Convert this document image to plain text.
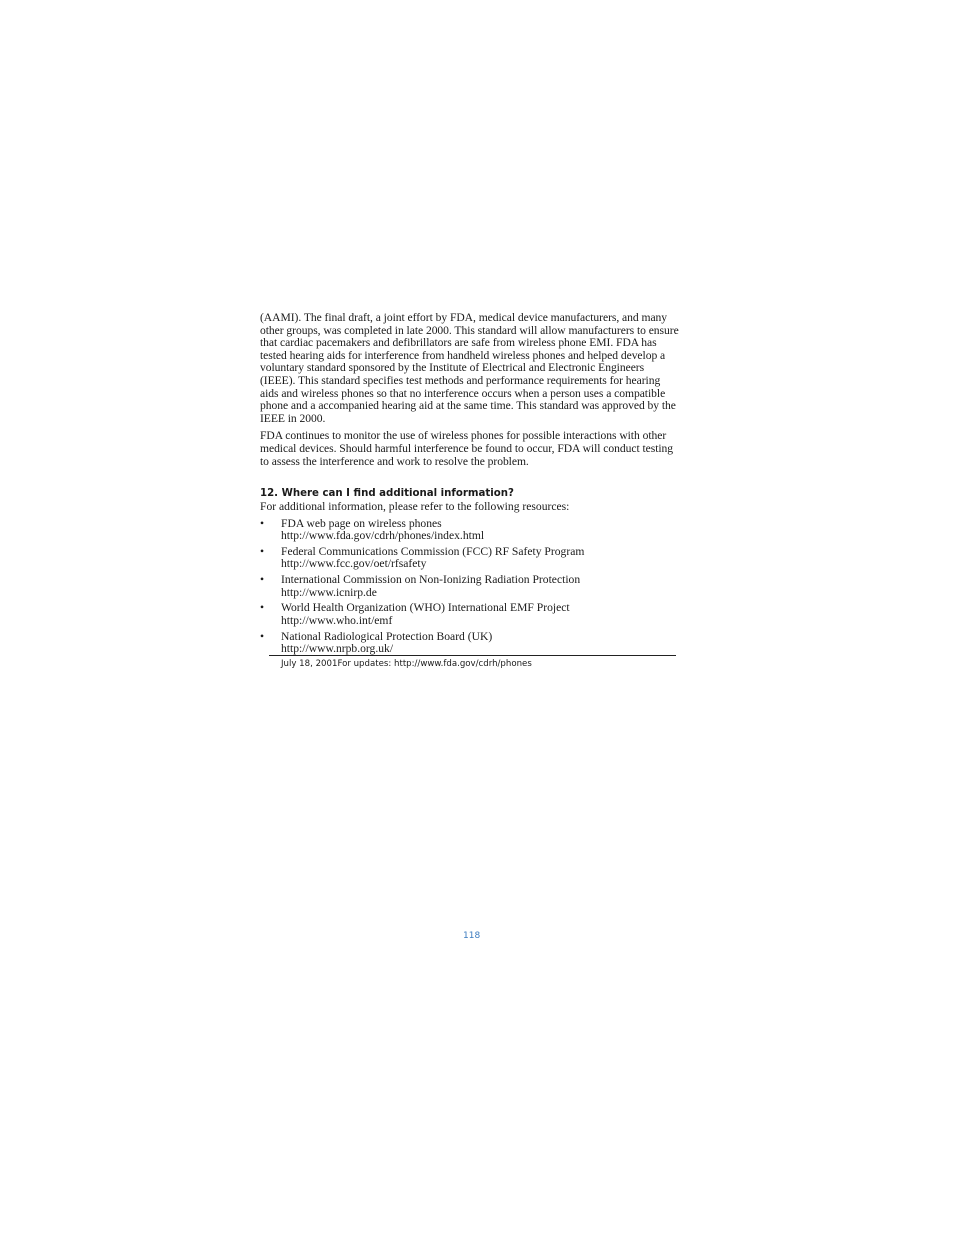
(AAMI). The final draft, a joint effort by FDA, medical device manufacturers, and many other groups, was completed in late 2000. This standard will allow manufacturers to ensure that cardiac pacemakers and defibrillators are safe from wireless phone EMI. FDA has tested hearing aids for interference from handheld wireless phones and helped develop a voluntary standard sponsored by the Institute of Electrical and Electronic Engineers (IEEE). This standard specifies test methods and performance requirements for hearing aids and wireless phones so that no interference occurs when a person uses a compatible phone and a accompanied hearing aid at the same time. This standard was approved by the IEEE in 2000.

FDA continues to monitor the use of wireless phones for possible interactions with other medical devices. Should harmful interference be found to occur, FDA will conduct testing to assess the interference and work to resolve the problem.

12. Where can I find additional information?

For additional information, please refer to the following resources:

• FDA web page on wireless phones
http://www.fda.gov/cdrh/phones/index.html
• Federal Communications Commission (FCC) RF Safety Program
http://www.fcc.gov/oet/rfsafety
• International Commission on Non-Ionizing Radiation Protection
http://www.icnirp.de
• World Health Organization (WHO) International EMF Project
http://www.who.int/emf
• National Radiological Protection Board (UK)
http://www.nrpb.org.uk/
July 18, 2001For updates: http://www.fda.gov/cdrh/phones
118
